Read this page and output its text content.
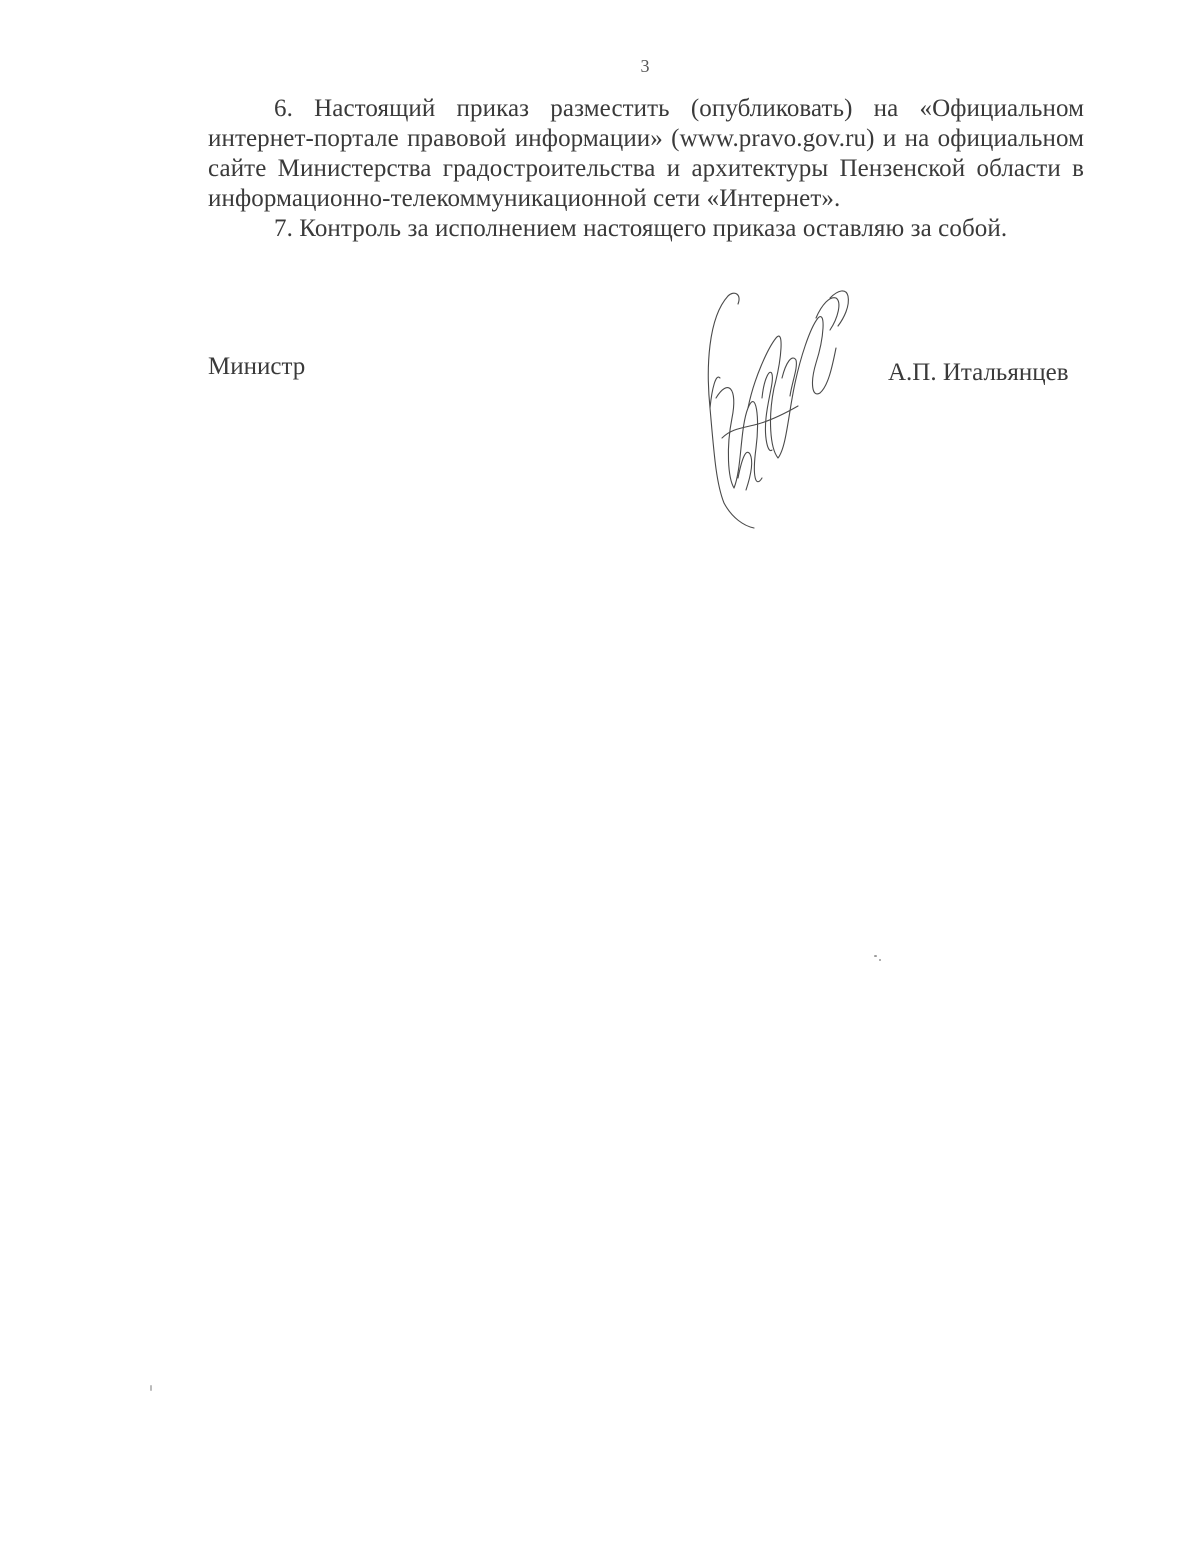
3

6. Настоящий приказ разместить (опубликовать) на «Официальном интернет-портале правовой информации» (www.pravo.gov.ru) и на официальном сайте Министерства градостроительства и архитектуры Пензенской области в информационно-телекоммуникационной сети «Интернет».

7. Контроль за исполнением настоящего приказа оставляю за собой.

Министр	А.П. Итальянцев
